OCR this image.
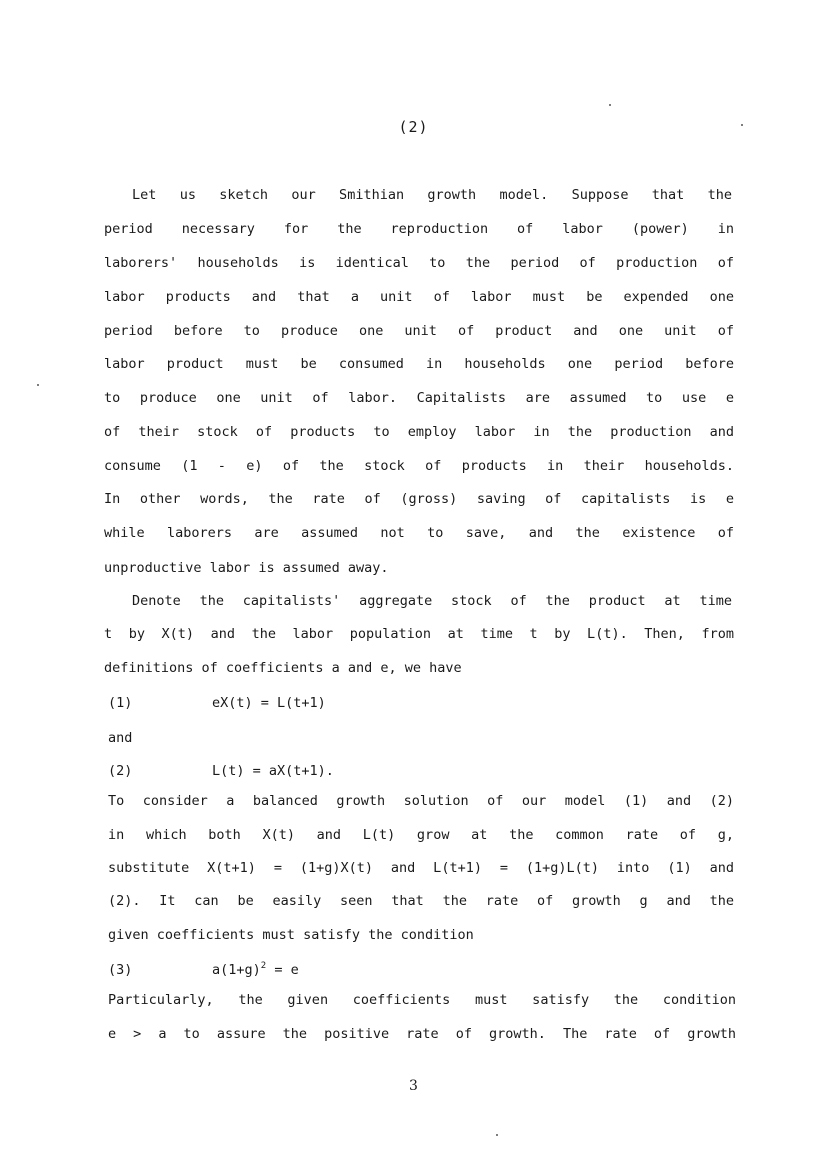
(2)
Let us sketch our Smithian growth model. Suppose that the
period necessary for the reproduction of labor (power) in
laborers' households is identical to the period of production of
labor products and that a unit of labor must be expended one
period before to produce one unit of product and one unit of
labor product must be consumed in households one period before
to produce one unit of labor. Capitalists are assumed to use e
of their stock of products to employ labor in the production and
consume (1 - e) of the stock of products in their households.
In other words, the rate of (gross) saving of capitalists is e
while laborers are assumed not to save, and the existence of
unproductive labor is assumed away.
Denote the capitalists' aggregate stock of the product at time
t by X(t) and the labor population at time t by L(t). Then, from
definitions of coefficients a and e, we have
(1)	eX(t) = L(t+1)
and
(2)	L(t) = aX(t+1).
To consider a balanced growth solution of our model (1) and (2)
in which both X(t) and L(t) grow at the common rate of g,
substitute X(t+1) = (1+g)X(t) and L(t+1) = (1+g)L(t) into (1) and
(2). It can be easily seen that the rate of growth g and the
given coefficients must satisfy the condition
(3)	$a(1+g)^2 = e$
Particularly, the given coefficients must satisfy the condition
e > a to assure the positive rate of growth. The rate of growth
3
